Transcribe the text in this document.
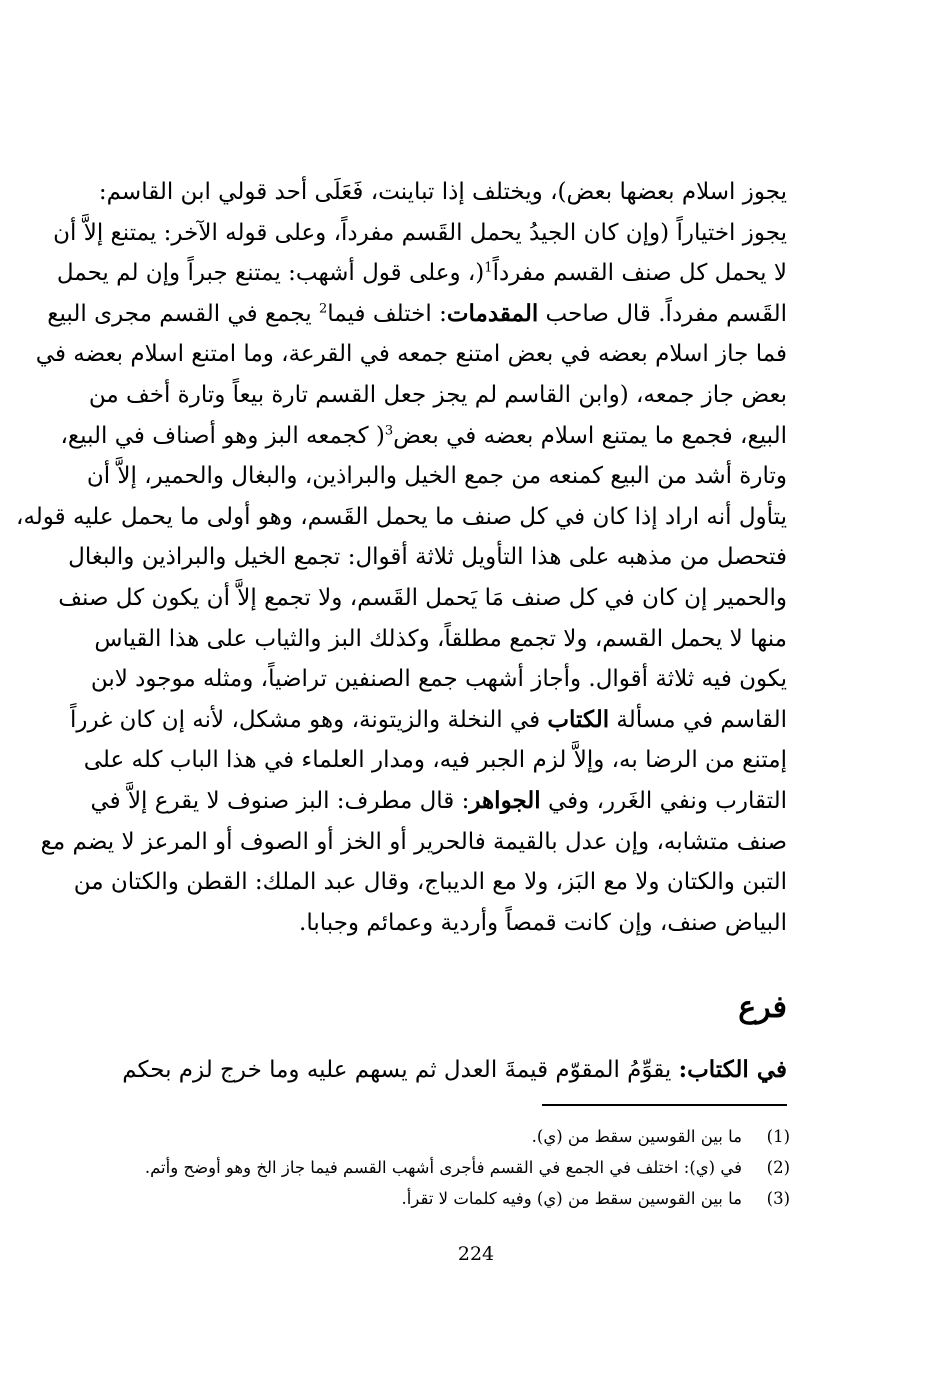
يجوز اسلام بعضها بعض)، ويختلف إذا تباينت، فَعَلَى أحد قولي ابن القاسم:
يجوز اختياراً (وإن كان الجيدُ يحمل القَسم مفرداً، وعلى قوله الآخر: يمتنع إلاَّ أن
لا يحمل كل صنف القسم مفرداً$^1$(، وعلى قول أشهب: يمتنع جبراً وإن لم يحمل
القَسم مفرداً. قال صاحب المقدمات: اختلف فيما$^2$ يجمع في القسم مجرى البيع
فما جاز اسلام بعضه في بعض امتنع جمعه في القرعة، وما امتنع اسلام بعضه في
بعض جاز جمعه، (وابن القاسم لم يجز جعل القسم تارة بيعاً وتارة أخف من
البيع، فجمع ما يمتنع اسلام بعضه في بعض$^3$( كجمعه البز وهو أصناف في البيع،
وتارة أشد من البيع كمنعه من جمع الخيل والبراذين، والبغال والحمير، إلاَّ أن
يتأول أنه اراد إذا كان في كل صنف ما يحمل القَسم، وهو أولى ما يحمل عليه قوله،
فتحصل من مذهبه على هذا التأويل ثلاثة أقوال: تجمع الخيل والبراذين والبغال
والحمير إن كان في كل صنف مَا يَحمل القَسم، ولا تجمع إلاَّ أن يكون كل صنف
منها لا يحمل القسم، ولا تجمع مطلقاً، وكذلك البز والثياب على هذا القياس
يكون فيه ثلاثة أقوال. وأجاز أشهب جمع الصنفين تراضياً، ومثله موجود لابن
القاسم في مسألة الكتاب في النخلة والزيتونة، وهو مشكل، لأنه إن كان غرراً
إمتنع من الرضا به، وإلاَّ لزم الجبر فيه، ومدار العلماء في هذا الباب كله على
التقارب ونفي الغَرر، وفي الجواهر: قال مطرف: البز صنوف لا يقرع إلاَّ في
صنف متشابه، وإن عدل بالقيمة فالحرير أو الخز أو الصوف أو المرعز لا يضم مع
التبن والكتان ولا مع البَز، ولا مع الديباج، وقال عبد الملك: القطن والكتان من
البياض صنف، وإن كانت قمصاً وأردية وعمائم وجبابا.
فرع
في الكتاب: يقوِّمُ المقوّم قيمةَ العدل ثم يسهم عليه وما خرج لزم بحكم
(1)
ما بين القوسين سقط من (ي).
(2)
في (ي): اختلف في الجمع في القسم فأجرى أشهب القسم فيما جاز الخ وهو أوضح وأتم.
(3)
ما بين القوسين سقط من (ي) وفيه كلمات لا تقرأ.
224
